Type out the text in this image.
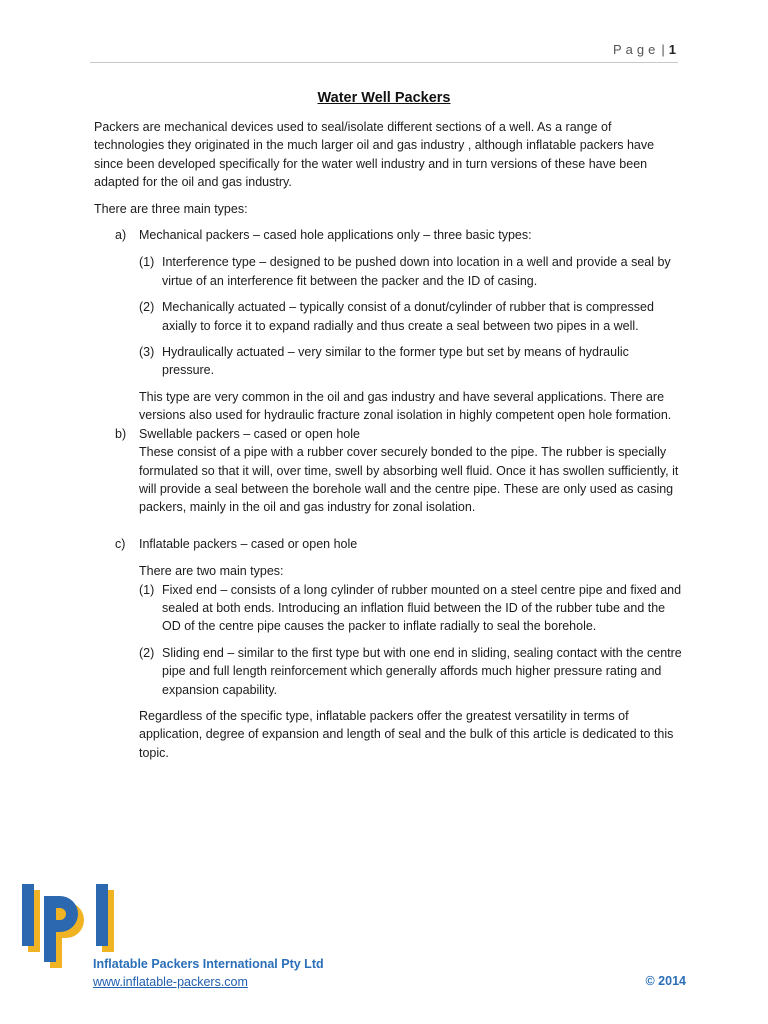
Page | 1
Water Well Packers

Packers are mechanical devices used to seal/isolate different sections of a well. As a range of technologies they originated in the much larger oil and gas industry , although inflatable packers have since been developed specifically for the water well industry and in turn versions of these have been adapted for the oil and gas industry.

There are three main types:

a) Mechanical packers – cased hole applications only – three basic types:
(1) Interference type – designed to be pushed down into location in a well and provide a seal by virtue of an interference fit between the packer and the ID of casing.
(2) Mechanically actuated – typically consist of a donut/cylinder of rubber that is compressed axially to force it to expand radially and thus create a seal between two pipes in a well.
(3) Hydraulically actuated – very similar to the former type but set by means of hydraulic pressure.

This type are very common in the oil and gas industry and have several applications. There are versions also used for hydraulic fracture zonal isolation in highly competent open hole formation.

b) Swellable packers – cased or open hole
These consist of a pipe with a rubber cover securely bonded to the pipe. The rubber is specially formulated so that it will, over time, swell by absorbing well fluid. Once it has swollen sufficiently, it will provide a seal between the borehole wall and the centre pipe. These are only used as casing packers, mainly in the oil and gas industry for zonal isolation.
c) Inflatable packers – cased or open hole

There are two main types:

(1) Fixed end – consists of a long cylinder of rubber mounted on a steel centre pipe and fixed and sealed at both ends. Introducing an inflation fluid between the ID of the rubber tube and the OD of the centre pipe causes the packer to inflate radially to seal the borehole.
(2) Sliding end – similar to the first type but with one end in sliding, sealing contact with the centre pipe and full length reinforcement which generally affords much higher pressure rating and expansion capability.

Regardless of the specific type, inflatable packers offer the greatest versatility in terms of application, degree of expansion and length of seal and the bulk of this article is dedicated to this topic.

Inflatable Packers International Pty Ltd
www.inflatable-packers.com	© 2014
